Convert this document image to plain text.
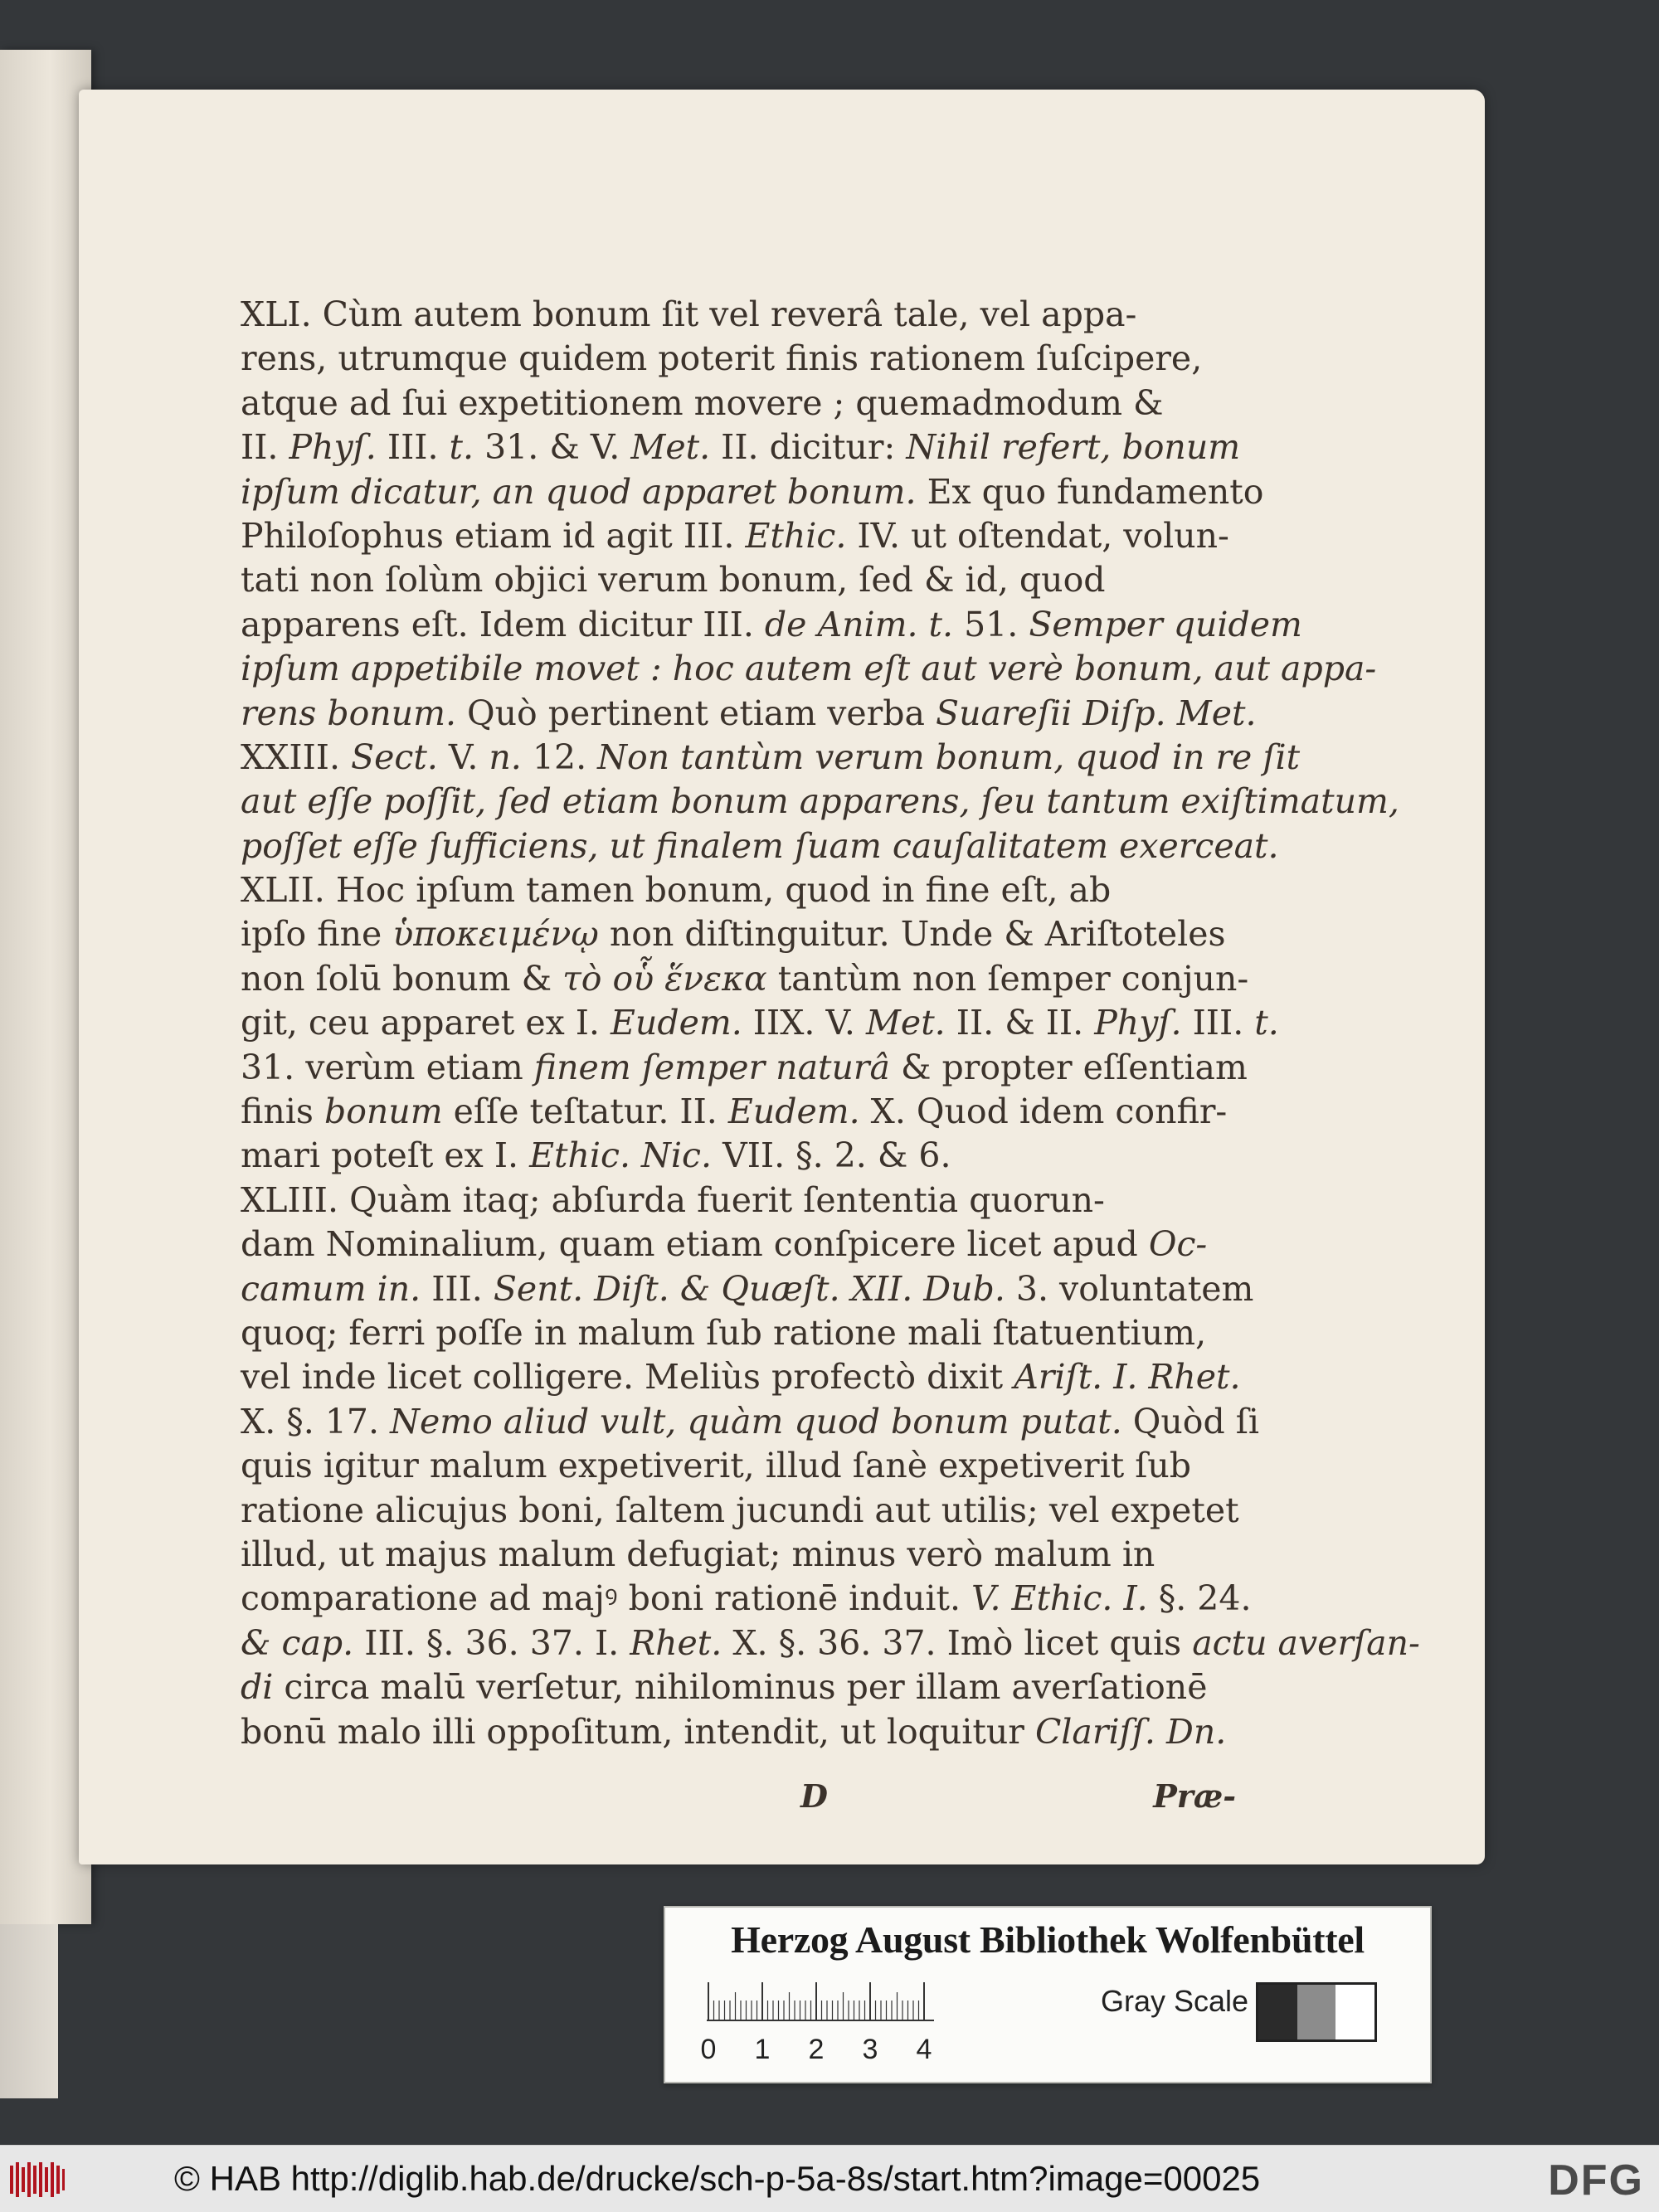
XLI. Cùm autem bonum ſit vel reverâ tale, vel appa-
rens, utrumque quidem poterit finis rationem ſuſcipere,
atque ad ſui expetitionem movere ; quemadmodum &
II. Phyſ. III. t. 31. & V. Met. II. dicitur: Nihil refert, bonum
ipſum dicatur, an quod apparet bonum. Ex quo fundamento
Philoſophus etiam id agit III. Ethic. IV. ut oſtendat, volun-
tati non ſolùm objici verum bonum, ſed & id, quod
apparens eſt. Idem dicitur III. de Anim. t. 51. Semper quidem
ipſum appetibile movet : hoc autem eſt aut verè bonum, aut appa-
rens bonum. Quò pertinent etiam verba Suareſii Diſp. Met.
XXIII. Sect. V. n. 12. Non tantùm verum bonum, quod in re ſit
aut eſſe poſſit, ſed etiam bonum apparens, ſeu tantum exiſtimatum,
poſſet eſſe ſufficiens, ut finalem ſuam cauſalitatem exerceat.
XLII. Hoc ipſum tamen bonum, quod in fine eſt, ab
ipſo fine ὑποκειμένῳ non diſtinguitur. Unde & Ariſtoteles
non ſolū bonum & τὸ οὗ ἕνεκα tantùm non ſemper conjun-
git, ceu apparet ex I. Eudem. IIX. V. Met. II. & II. Phyſ. III. t.
31. verùm etiam finem ſemper naturâ & propter eſſentiam
finis bonum eſſe teſtatur. II. Eudem. X. Quod idem confir-
mari poteſt ex I. Ethic. Nic. VII. §. 2. & 6.
XLIII. Quàm itaq; abſurda fuerit ſententia quorun-
dam Nominalium, quam etiam conſpicere licet apud Oc-
camum in. III. Sent. Diſt. & Quæſt. XII. Dub. 3. voluntatem
quoq; ferri poſſe in malum ſub ratione mali ſtatuentium,
vel inde licet colligere. Meliùs profectò dixit Ariſt. I. Rhet.
X. §. 17. Nemo aliud vult, quàm quod bonum putat. Quòd ſi
quis igitur malum expetiverit, illud ſanè expetiverit ſub
ratione alicujus boni, ſaltem jucundi aut utilis; vel expetet
illud, ut majus malum defugiat; minus verò malum in
comparatione ad majꝰ boni rationē induit. V. Ethic. I. §. 24.
& cap. III. §. 36. 37. I. Rhet. X. §. 36. 37. Imò licet quis actu averſan-
di circa malū verſetur, nihilominus per illam averſationē
bonū malo illi oppoſitum, intendit, ut loquitur Clariſſ. Dn.
D	Præ-
Herzog August Bibliothek Wolfenbüttel
0	1	2	3	4
Gray Scale
© HAB http://diglib.hab.de/drucke/sch-p-5a-8s/start.htm?image=00025	DFG
